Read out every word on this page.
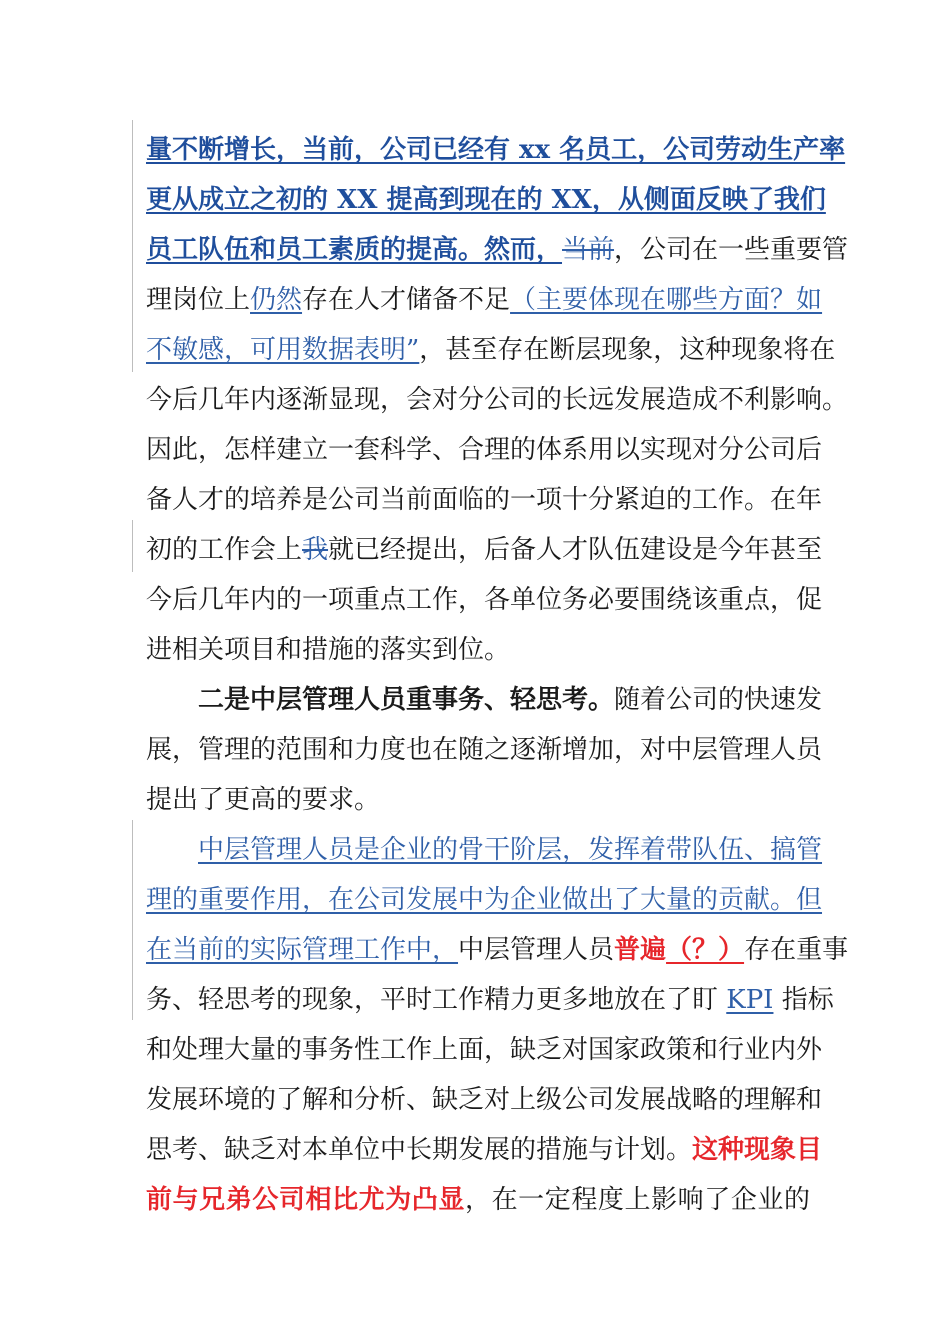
量不断增长，当前，公司已经有 xx 名员工，公司劳动生产率
更从成立之初的 XX 提高到现在的 XX，从侧面反映了我们
员工队伍和员工素质的提高。然而，当前，公司在一些重要管
理岗位上仍然存在人才储备不足（主要体现在哪些方面？如
不敏感，可用数据表明”，甚至存在断层现象，这种现象将在
今后几年内逐渐显现，会对分公司的长远发展造成不利影响。
因此，怎样建立一套科学、合理的体系用以实现对分公司后
备人才的培养是公司当前面临的一项十分紧迫的工作。在年
初的工作会上我就已经提出，后备人才队伍建设是今年甚至
今后几年内的一项重点工作，各单位务必要围绕该重点，促
进相关项目和措施的落实到位。
二是中层管理人员重事务、轻思考。随着公司的快速发
展，管理的范围和力度也在随之逐渐增加，对中层管理人员
提出了更高的要求。
中层管理人员是企业的骨干阶层，发挥着带队伍、搞管
理的重要作用，在公司发展中为企业做出了大量的贡献。但
在当前的实际管理工作中，中层管理人员普遍（？）存在重事
务、轻思考的现象，平时工作精力更多地放在了盯 KPI 指标
和处理大量的事务性工作上面，缺乏对国家政策和行业内外
发展环境的了解和分析、缺乏对上级公司发展战略的理解和
思考、缺乏对本单位中长期发展的措施与计划。这种现象目
前与兄弟公司相比尤为凸显，在一定程度上影响了企业的
